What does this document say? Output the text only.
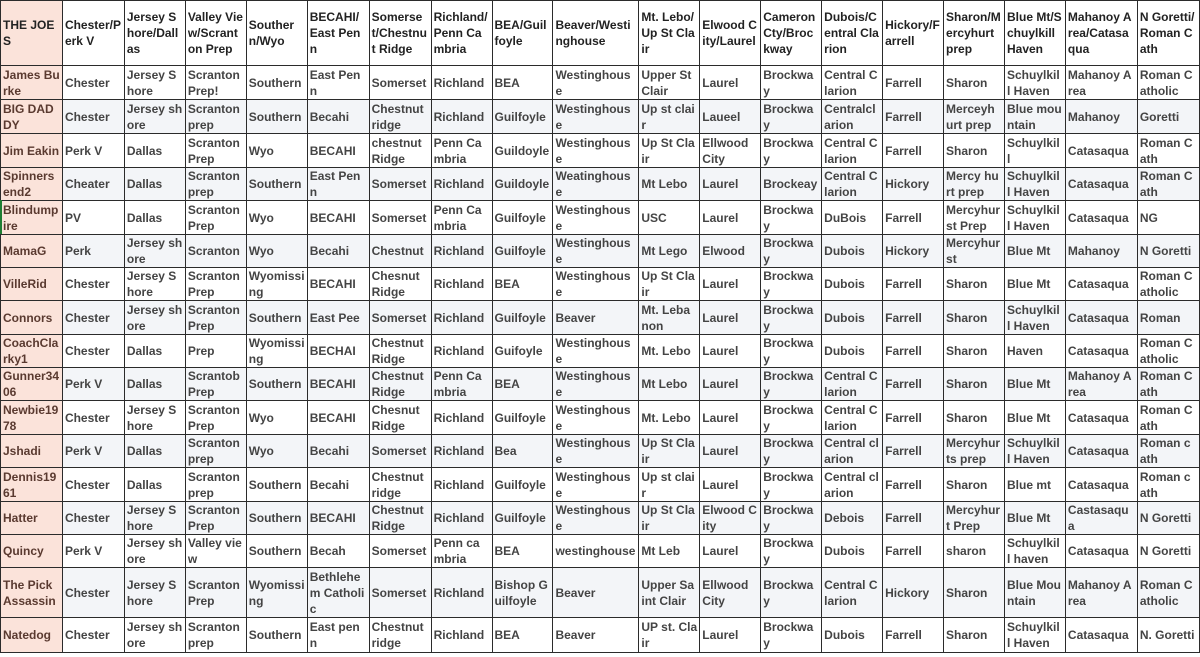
THE JOES	Chester/Perk V	Jersey Shore/Dallas	Valley View/Scranton Prep	Southern/Wyo	BECAHI/East Penn	Somerset/Chestnut Ridge	Richland/Penn Cambria	BEA/Guilfoyle	Beaver/Westinghouse	Mt. Lebo/Up St Clair	Elwood City/Laurel	Cameron Cty/Brockway	Dubois/Central Clarion	Hickory/Farrell	Sharon/Mercyhurt prep	Blue Mt/Schuylkill Haven	Mahanoy Area/Catasaqua	N Goretti/Roman Cath
James Burke	Chester	Jersey Shore	Scranton Prep!	Southern	East Penn	Somerset	Richland	BEA	Westinghouse	Upper St Clair	Laurel	Brockway	Central Clarion	Farrell	Sharon	Schuylkill Haven	Mahanoy Area	Roman Catholic
BIG DADDY	Chester	Jersey shore	Scranton prep	Southern	Becahi	Chestnut ridge	Richland	Guilfoyle	Westinghouse	Up st clair	Laueel	Brockway	Centralclarion	Farrell	Merceyhurt prep	Blue mountain	Mahanoy	Goretti
Jim Eakin	Perk V	Dallas	Scranton Prep	Wyo	BECAHI	chestnut Ridge	Penn Cambria	Guildoyle	Westinghouse	Up St Clair	Ellwood City	Brockway	Central Clarion	Farrell	Sharon	Schuylkill	Catasaqua	Roman Cath
Spinnersend2	Cheater	Dallas	Scranton prep	Southern	East Penn	Somerset	Richland	Guildoyle	Weatinghouse	Mt Lebo	Laurel	Brockeay	Central Clarion	Hickory	Mercy hurt prep	Schuylkill Haven	Catasaqua	Roman Cath
Blindumpire	PV	Dallas	Scranton Prep	Wyo	BECAHI	Somerset	Penn Cambria	Guilfoyle	Westinghouse	USC	Laurel	Brockway	DuBois	Farrell	Mercyhurst Prep	Schuylkill Haven	Catasaqua	NG
MamaG	Perk	Jersey shore	Scranton	Wyo	Becahi	Chestnut	Richland	Guilfoyle	Westinghouse	Mt Lego	Elwood	Brockway	Dubois	Hickory	Mercyhurst	Blue Mt	Mahanoy	N Goretti
VilleRid	Chester	Jersey Shore	Scranton Prep	Wyomissing	BECAHI	Chesnut Ridge	Richland	BEA	Westinghouse	Up St Clair	Laurel	Brockway	Dubois	Farrell	Sharon	Blue Mt	Catasaqua	Roman Catholic
Connors	Chester	Jersey shore	Scranton Prep	Southern	East Pee	Somerset	Richland	Guilfoyle	Beaver	Mt. Lebanon	Laurel	Brockway	Dubois	Farrell	Sharon	Schuylkill Haven	Catasaqua	Roman
CoachClarky1	Chester	Dallas	Prep	Wyomissing	BECHAI	Chestnut Ridge	Richland	Guifoyle	Westinghouse	Mt. Lebo	Laurel	Brockway	Dubois	Farrell	Sharon	Haven	Catasaqua	Roman Catholic
Gunner3406	Perk V	Dallas	Scrantob Prep	Southern	BECAHI	Chestnut Ridge	Penn Cambria	BEA	Westinghouse	Mt Lebo	Laurel	Brockway	Central Clarion	Farrell	Sharon	Blue Mt	Mahanoy Area	Roman Cath
Newbie1978	Chester	Jersey Shore	Scranton Prep	Wyo	BECAHI	Chesnut Ridge	Richland	Guilfoyle	Westinghouse	Mt. Lebo	Laurel	Brockway	Central Clarion	Farrell	Sharon	Blue Mt	Catasaqua	Roman Cath
Jshadi	Perk V	Dallas	Scranton prep	Wyo	Becahi	Somerset	Richland	Bea	Westinghouse	Up St Clair	Laurel	Brockway	Central clarion	Farrell	Mercyhurts prep	Schuylkill Haven	Catasaqua	Roman cath
Dennis1961	Chester	Dallas	Scranton prep	Southern	Becahi	Chestnut ridge	Richland	Guilfoyle	Westinghouse	Up st clair	Laurel	Brockway	Central clarion	Farrell	Sharon	Blue mt	Catasaqua	Roman cath
Hatter	Chester	Jersey Shore	Scranton Prep	Southern	BECAHI	Chestnut Ridge	Richland	Guilfoyle	Westinghouse	Up St Clair	Elwood City	Brockway	Debois	Farrell	Mercyhurt Prep	Blue Mt	Castasaqua	N Goretti
Quincy	Perk V	Jersey shore	Valley view	Southern	Becah	Somerset	Penn cambria	BEA	westinghouse	Mt Leb	Laurel	Brockway	Dubois	Farrell	sharon	Schuylkill haven	Catasaqua	N Goretti
The Pick Assassin	Chester	Jersey Shore	Scranton Prep	Wyomissing	Bethlehem Catholic	Somerset	Richland	Bishop Guilfoyle	Beaver	Upper Saint Clair	Ellwood City	Brockway	Central Clarion	Hickory	Sharon	Blue Mountain	Mahanoy Area	Roman Catholic
Natedog	Chester	Jersey shore	Scranton prep	Southern	East penn	Chestnut ridge	Richland	BEA	Beaver	UP st. Clair	Laurel	Brockway	Dubois	Farrell	Sharon	Schuylkill Haven	Catasaqua	N. Goretti
